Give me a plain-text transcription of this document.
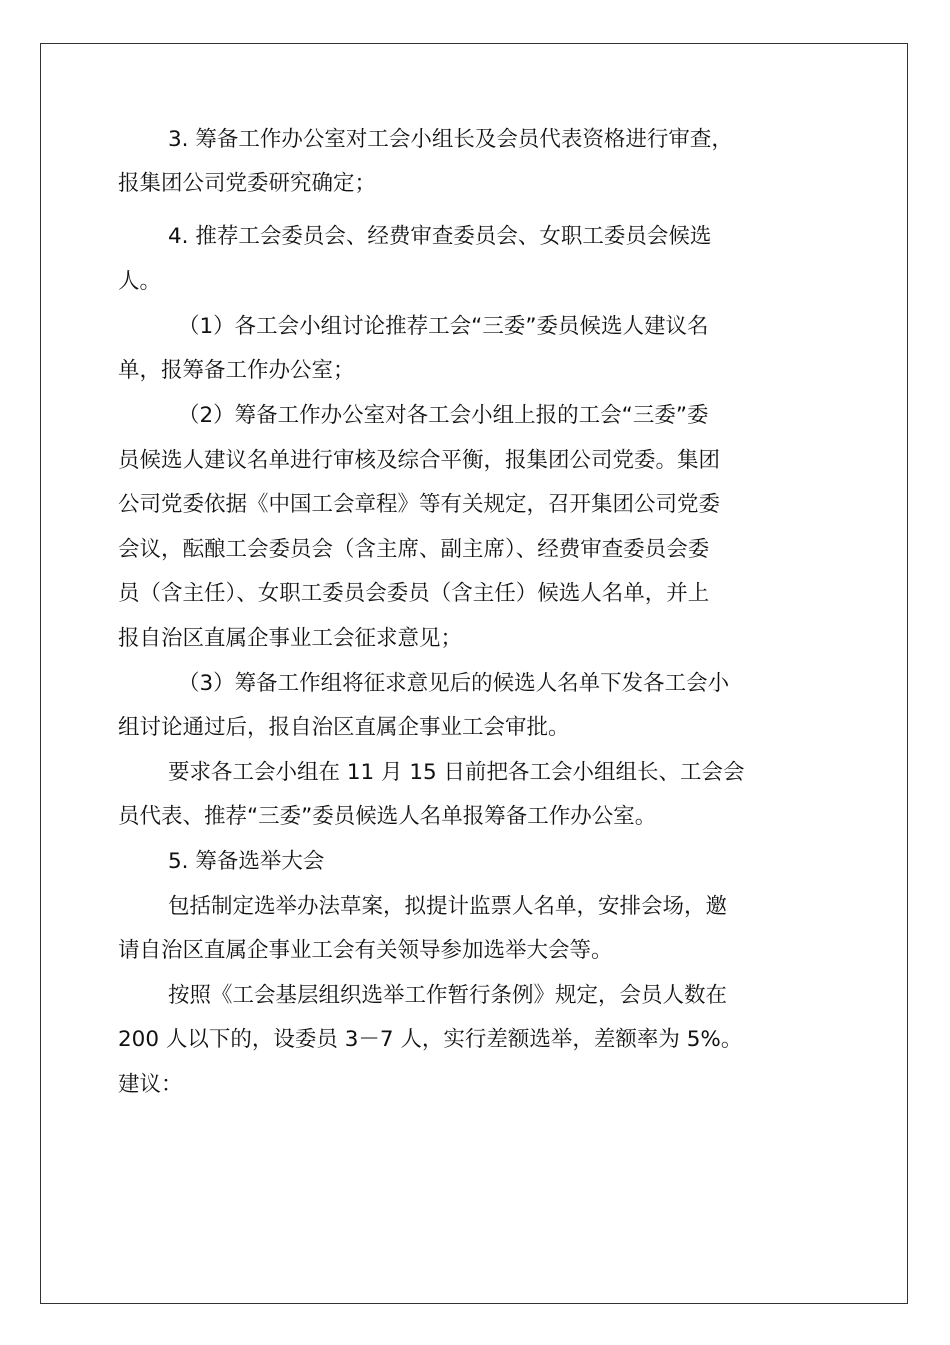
3. 筹备工作办公室对工会小组长及会员代表资格进行审查，
报集团公司党委研究确定；
4. 推荐工会委员会、经费审查委员会、女职工委员会候选
人。
（1）各工会小组讨论推荐工会“三委”委员候选人建议名
单，报筹备工作办公室；
（2）筹备工作办公室对各工会小组上报的工会“三委”委
员候选人建议名单进行审核及综合平衡，报集团公司党委。集团
公司党委依据《中国工会章程》等有关规定，召开集团公司党委
会议，酝酿工会委员会（含主席、副主席）、经费审查委员会委
员（含主任）、女职工委员会委员（含主任）候选人名单，并上
报自治区直属企事业工会征求意见；
（3）筹备工作组将征求意见后的候选人名单下发各工会小
组讨论通过后，报自治区直属企事业工会审批。
要求各工会小组在 11 月 15 日前把各工会小组组长、工会会
员代表、推荐“三委”委员候选人名单报筹备工作办公室。
5. 筹备选举大会
包括制定选举办法草案，拟提计监票人名单，安排会场，邀
请自治区直属企事业工会有关领导参加选举大会等。
按照《工会基层组织选举工作暂行条例》规定，会员人数在
200 人以下的，设委员 3－7 人，实行差额选举，差额率为 5%。
建议：
